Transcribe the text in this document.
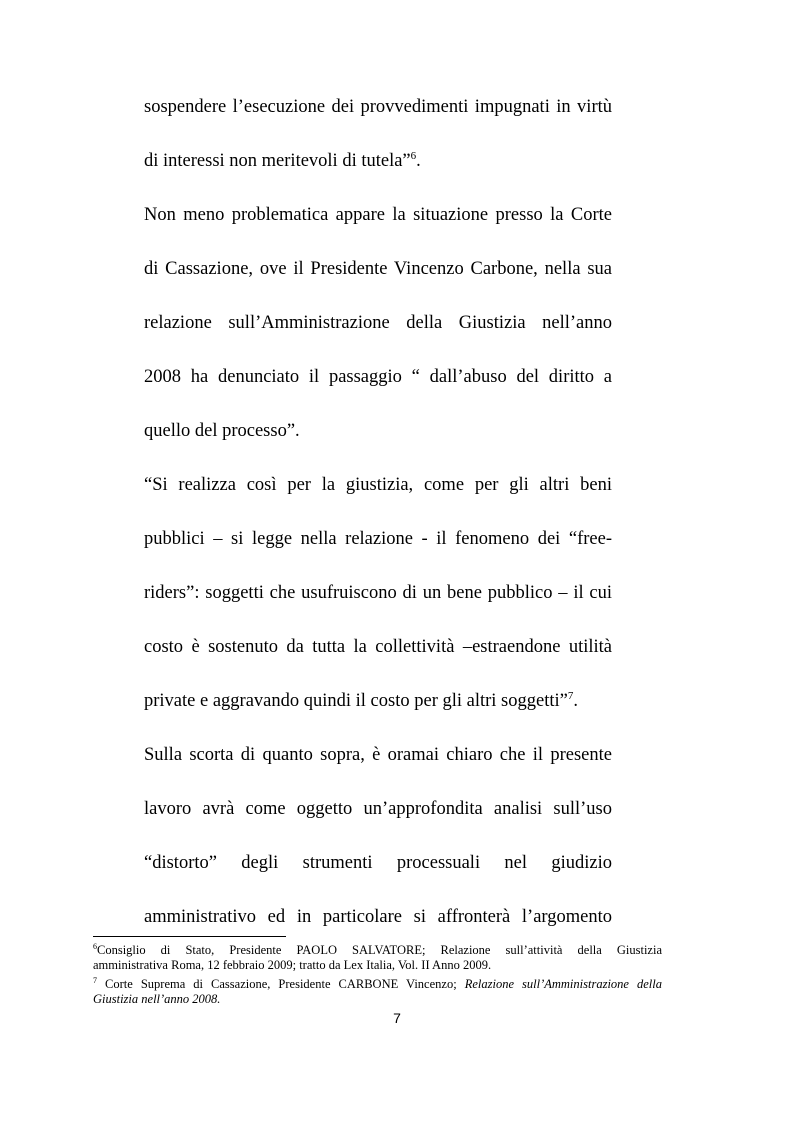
sospendere l’esecuzione dei provvedimenti impugnati in virtù
di interessi non meritevoli di tutela”$^6$.
Non meno problematica appare la situazione presso la Corte
di Cassazione, ove il Presidente Vincenzo Carbone, nella sua
relazione sull’Amministrazione della Giustizia nell’anno
2008 ha denunciato il passaggio “ dall’abuso del diritto a
quello del processo”.
“Si realizza così per la giustizia, come per gli altri beni
pubblici – si legge nella relazione - il fenomeno dei “free-
riders”: soggetti che usufruiscono di un bene pubblico – il cui
costo è sostenuto da tutta la collettività –estraendone utilità
private e aggravando quindi il costo per gli altri soggetti”$^7$.
Sulla scorta di quanto sopra, è oramai chiaro che il presente
lavoro avrà come oggetto un’approfondita analisi sull’uso
“distorto” degli strumenti processuali nel giudizio
amministrativo ed in particolare si affronterà l’argomento
$^6$Consiglio di Stato, Presidente PAOLO SALVATORE; Relazione sull’attività della Giustizia
amministrativa Roma, 12 febbraio 2009; tratto da Lex Italia, Vol. II Anno 2009.
$^7$ Corte Suprema di Cassazione, Presidente CARBONE Vincenzo; Relazione sull’Amministrazione della
Giustizia nell’anno 2008.
7
